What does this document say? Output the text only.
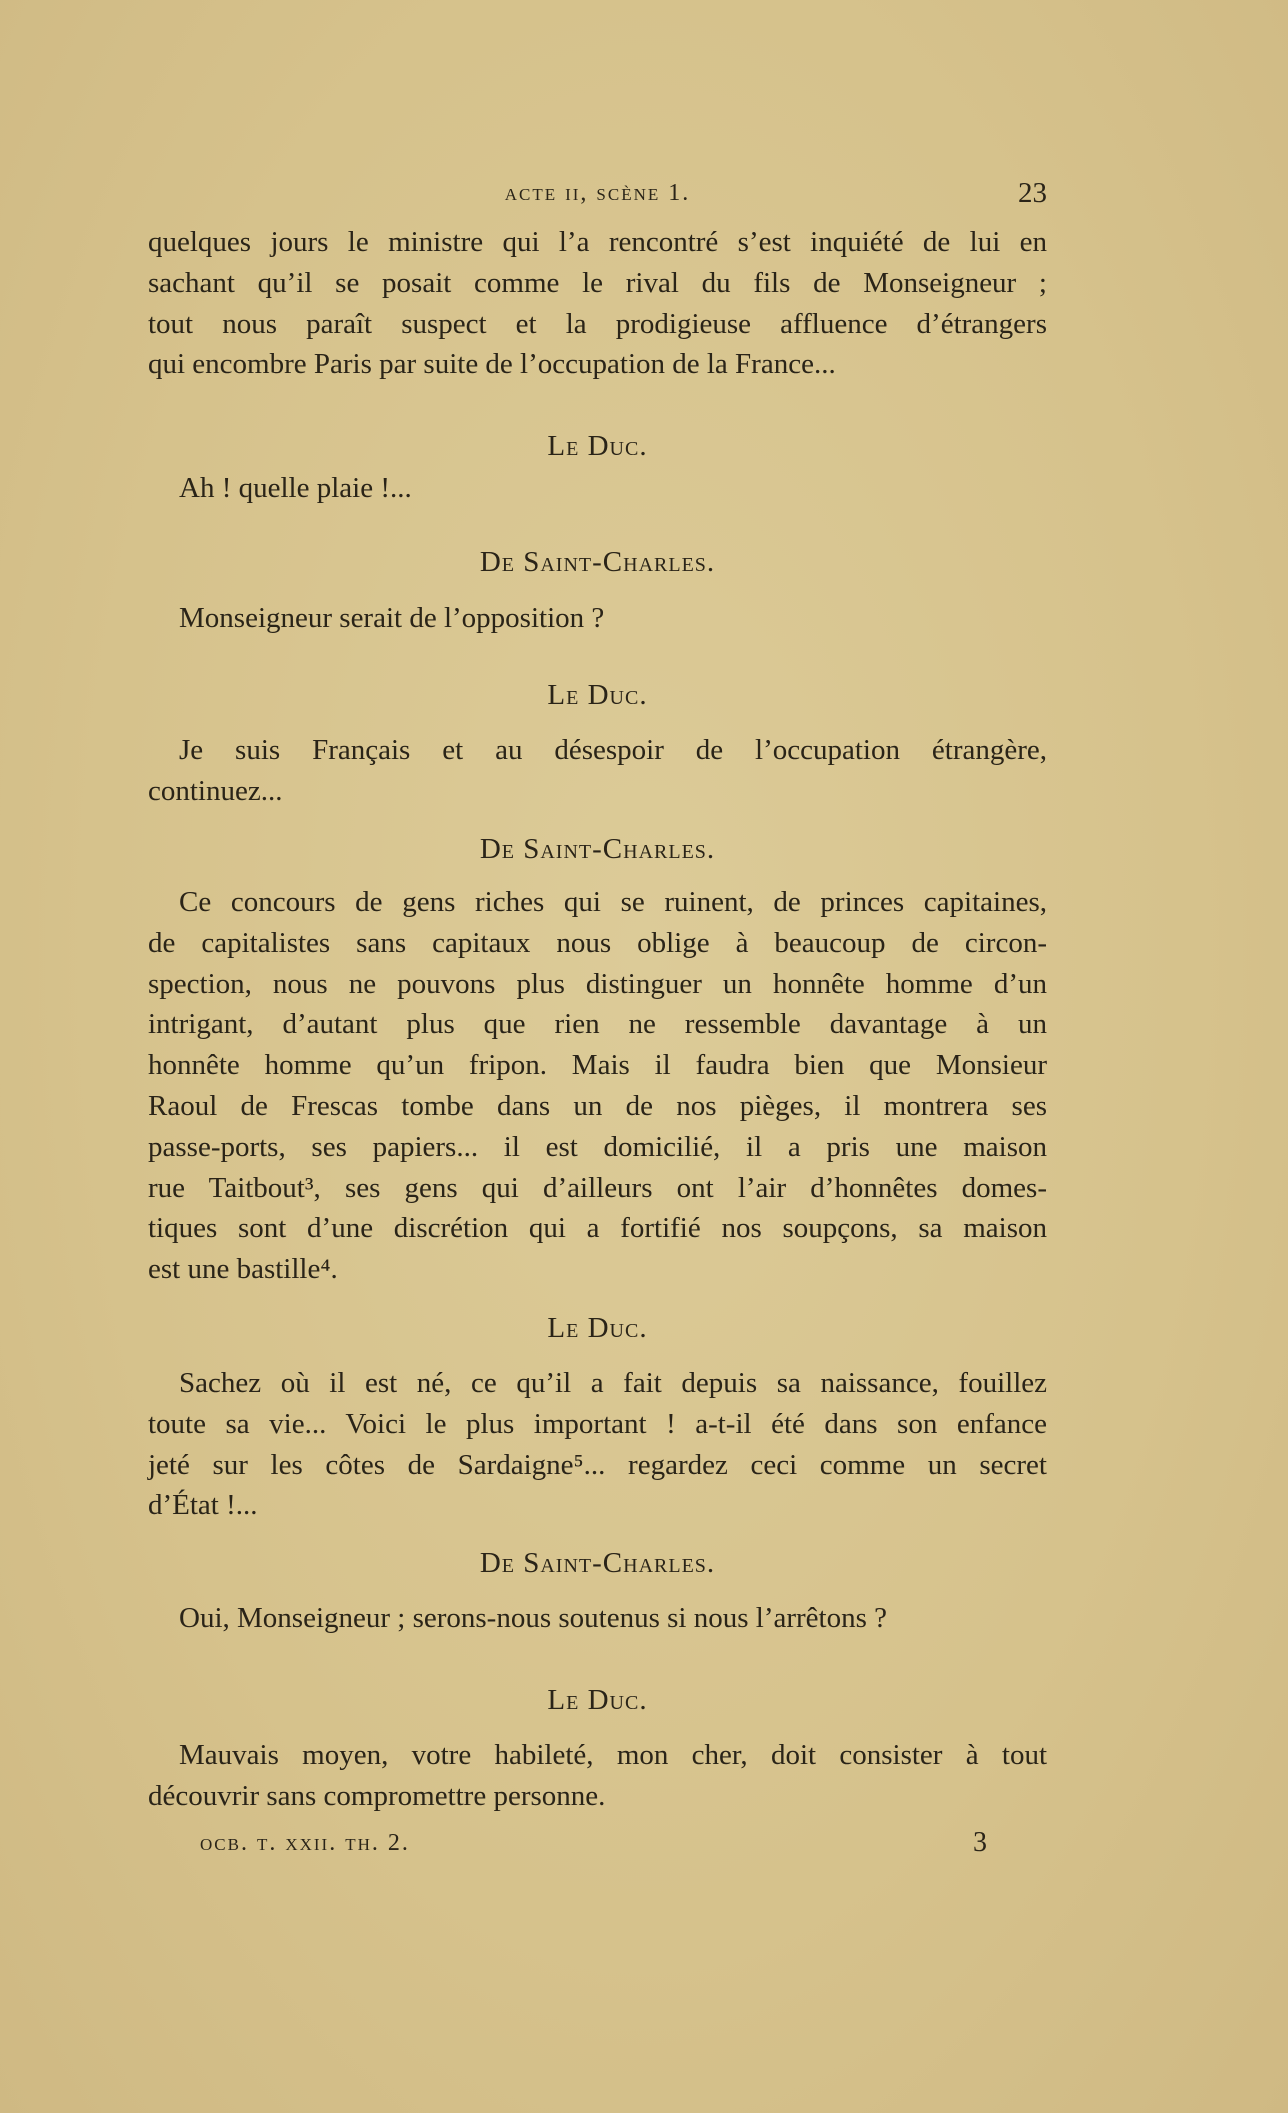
acte ii, scène 1.	23
quelques jours le ministre qui l’a rencontré s’est inquiété de lui en
sachant qu’il se posait comme le rival du fils de Monseigneur ;
tout nous paraît suspect et la prodigieuse affluence d’étrangers
qui encombre Paris par suite de l’occupation de la France...
Le Duc.
Ah ! quelle plaie !...
De Saint-Charles.
Monseigneur serait de l’opposition ?
Le Duc.
Je suis Français et au désespoir de l’occupation étrangère,
continuez...
De Saint-Charles.
Ce concours de gens riches qui se ruinent, de princes capitaines,
de capitalistes sans capitaux nous oblige à beaucoup de circon-
spection, nous ne pouvons plus distinguer un honnête homme d’un
intrigant, d’autant plus que rien ne ressemble davantage à un
honnête homme qu’un fripon. Mais il faudra bien que Monsieur
Raoul de Frescas tombe dans un de nos pièges, il montrera ses
passe-ports, ses papiers... il est domicilié, il a pris une maison
rue Taitbout³, ses gens qui d’ailleurs ont l’air d’honnêtes domes-
tiques sont d’une discrétion qui a fortifié nos soupçons, sa maison
est une bastille⁴.
Le Duc.
Sachez où il est né, ce qu’il a fait depuis sa naissance, fouillez
toute sa vie... Voici le plus important ! a-t-il été dans son enfance
jeté sur les côtes de Sardaigne⁵... regardez ceci comme un secret
d’État !...
De Saint-Charles.
Oui, Monseigneur ; serons-nous soutenus si nous l’arrêtons ?
Le Duc.
Mauvais moyen, votre habileté, mon cher, doit consister à tout
découvrir sans compromettre personne.
ocb. t. xxii. th. 2.	3
